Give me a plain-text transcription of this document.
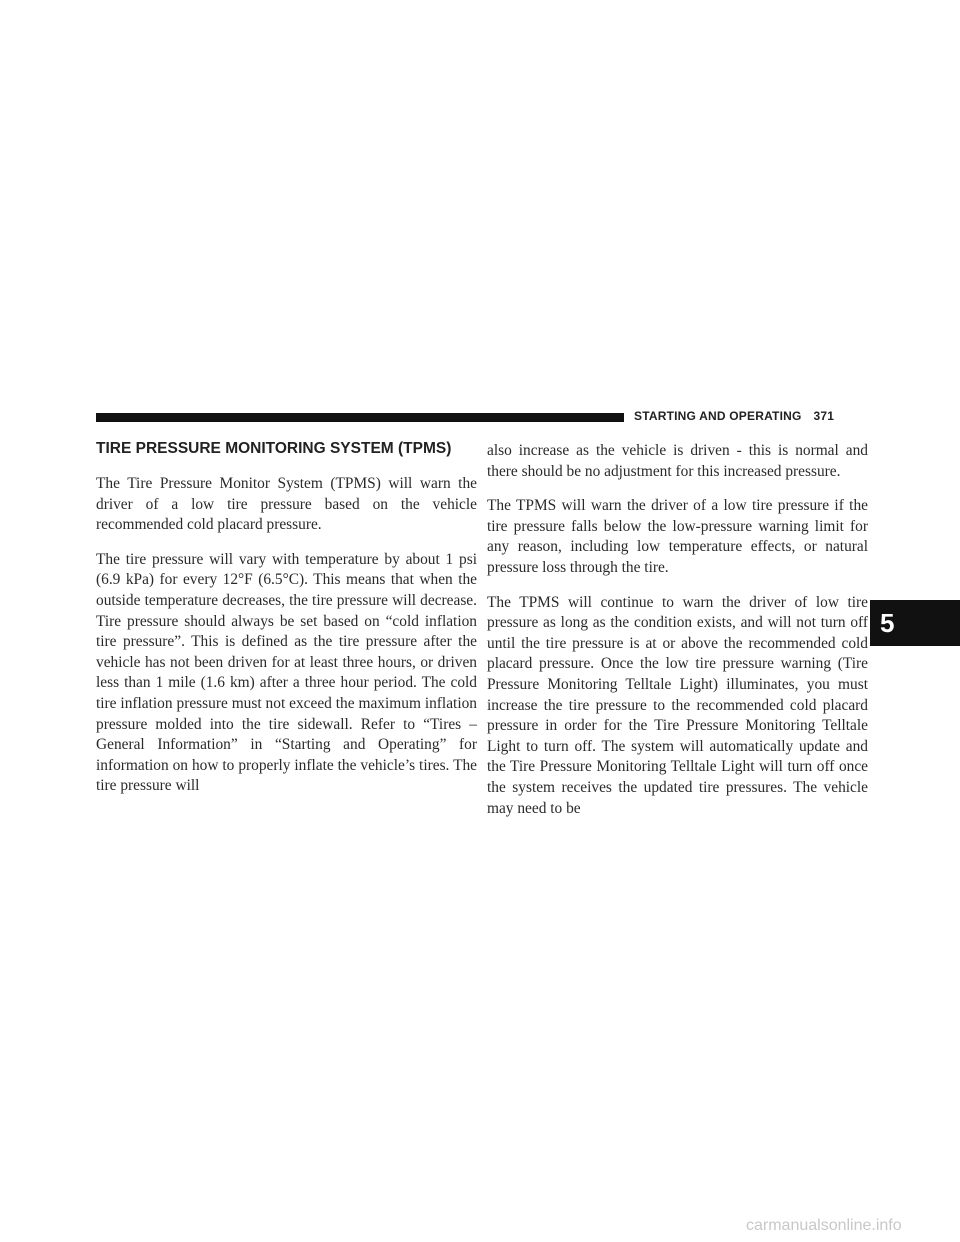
STARTING AND OPERATING 371
TIRE PRESSURE MONITORING SYSTEM (TPMS)

The Tire Pressure Monitor System (TPMS) will warn the driver of a low tire pressure based on the vehicle recommended cold placard pressure.

The tire pressure will vary with temperature by about 1 psi (6.9 kPa) for every 12°F (6.5°C). This means that when the outside temperature decreases, the tire pressure will decrease. Tire pressure should always be set based on “cold inflation tire pressure”. This is defined as the tire pressure after the vehicle has not been driven for at least three hours, or driven less than 1 mile (1.6 km) after a three hour period. The cold tire inflation pressure must not exceed the maximum inflation pressure molded into the tire sidewall. Refer to “Tires – General Information” in “Starting and Operating” for information on how to properly inflate the vehicle’s tires. The tire pressure will

also increase as the vehicle is driven - this is normal and there should be no adjustment for this increased pressure.

The TPMS will warn the driver of a low tire pressure if the tire pressure falls below the low-pressure warning limit for any reason, including low temperature effects, or natural pressure loss through the tire.

The TPMS will continue to warn the driver of low tire pressure as long as the condition exists, and will not turn off until the tire pressure is at or above the recommended cold placard pressure. Once the low tire pressure warning (Tire Pressure Monitoring Telltale Light) illuminates, you must increase the tire pressure to the recommended cold placard pressure in order for the Tire Pressure Monitoring Telltale Light to turn off. The system will automatically update and the Tire Pressure Monitoring Telltale Light will turn off once the system receives the updated tire pressures. The vehicle may need to be

5
carmanualsonline.info
